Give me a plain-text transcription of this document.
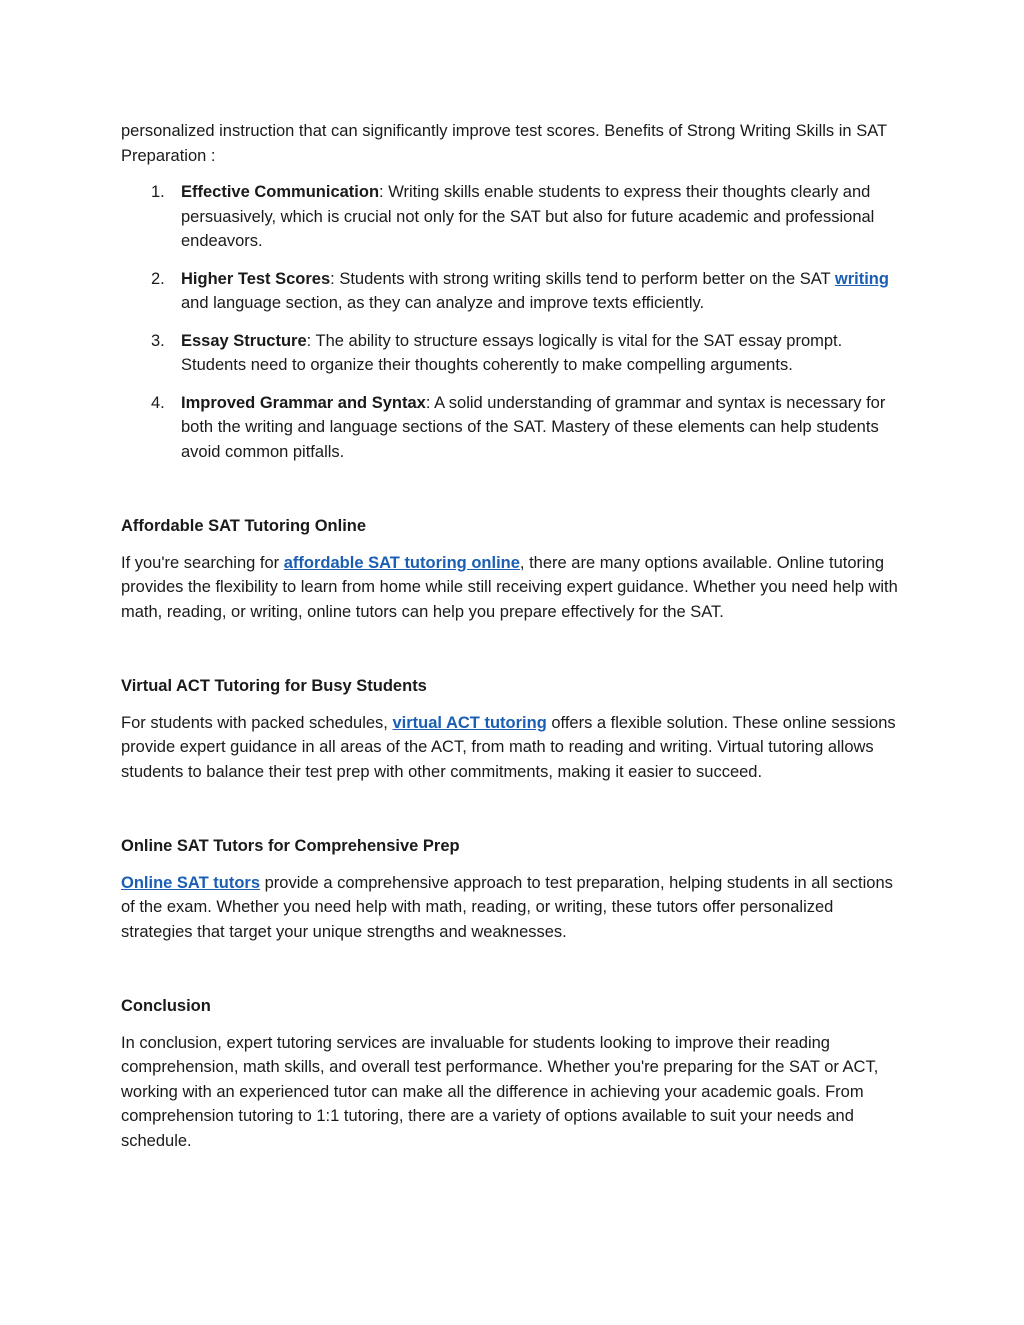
personalized instruction that can significantly improve test scores. Benefits of Strong Writing Skills in SAT Preparation :

1. Effective Communication: Writing skills enable students to express their thoughts clearly and persuasively, which is crucial not only for the SAT but also for future academic and professional endeavors.
2. Higher Test Scores: Students with strong writing skills tend to perform better on the SAT writing and language section, as they can analyze and improve texts efficiently.
3. Essay Structure: The ability to structure essays logically is vital for the SAT essay prompt. Students need to organize their thoughts coherently to make compelling arguments.
4. Improved Grammar and Syntax: A solid understanding of grammar and syntax is necessary for both the writing and language sections of the SAT. Mastery of these elements can help students avoid common pitfalls.
Affordable SAT Tutoring Online

If you're searching for affordable SAT tutoring online, there are many options available. Online tutoring provides the flexibility to learn from home while still receiving expert guidance. Whether you need help with math, reading, or writing, online tutors can help you prepare effectively for the SAT.

Virtual ACT Tutoring for Busy Students

For students with packed schedules, virtual ACT tutoring offers a flexible solution. These online sessions provide expert guidance in all areas of the ACT, from math to reading and writing. Virtual tutoring allows students to balance their test prep with other commitments, making it easier to succeed.

Online SAT Tutors for Comprehensive Prep

Online SAT tutors provide a comprehensive approach to test preparation, helping students in all sections of the exam. Whether you need help with math, reading, or writing, these tutors offer personalized strategies that target your unique strengths and weaknesses.

Conclusion

In conclusion, expert tutoring services are invaluable for students looking to improve their reading comprehension, math skills, and overall test performance. Whether you're preparing for the SAT or ACT, working with an experienced tutor can make all the difference in achieving your academic goals. From comprehension tutoring to 1:1 tutoring, there are a variety of options available to suit your needs and schedule.
